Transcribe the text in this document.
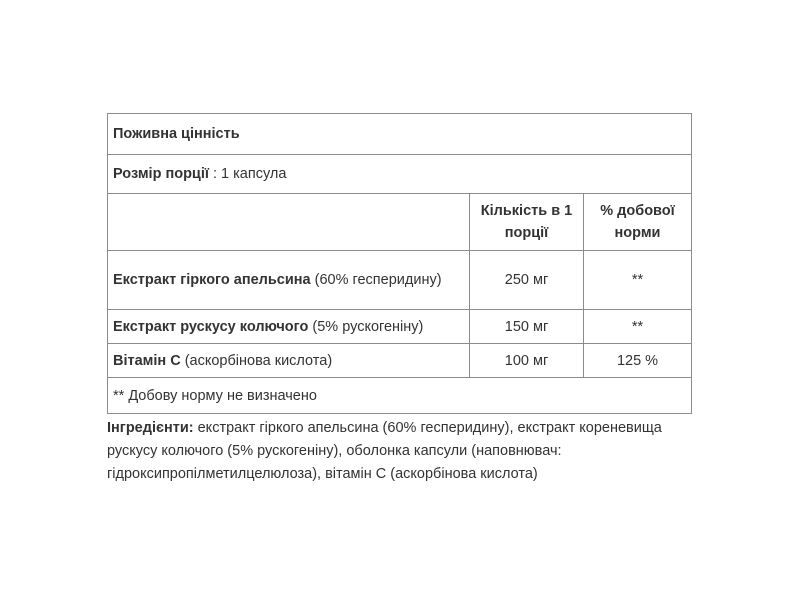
Поживна цінність		
Розмір порції : 1 капсула		
	Кількість в 1 порції	% добової норми
Екстракт гіркого апельсина (60% гесперидину)	250 мг	**
Екстракт рускусу колючого (5% рускогеніну)	150 мг	**
Вітамін С (аскорбінова кислота)	100 мг	125 %
** Добову норму не визначено		
Інгредієнти: екстракт гіркого апельсина (60% гесперидину), екстракт кореневища рускусу колючого (5% рускогеніну), оболонка капсули (наповнювач: гідроксипропілметилцелюлоза), вітамін С (аскорбінова кислота)
